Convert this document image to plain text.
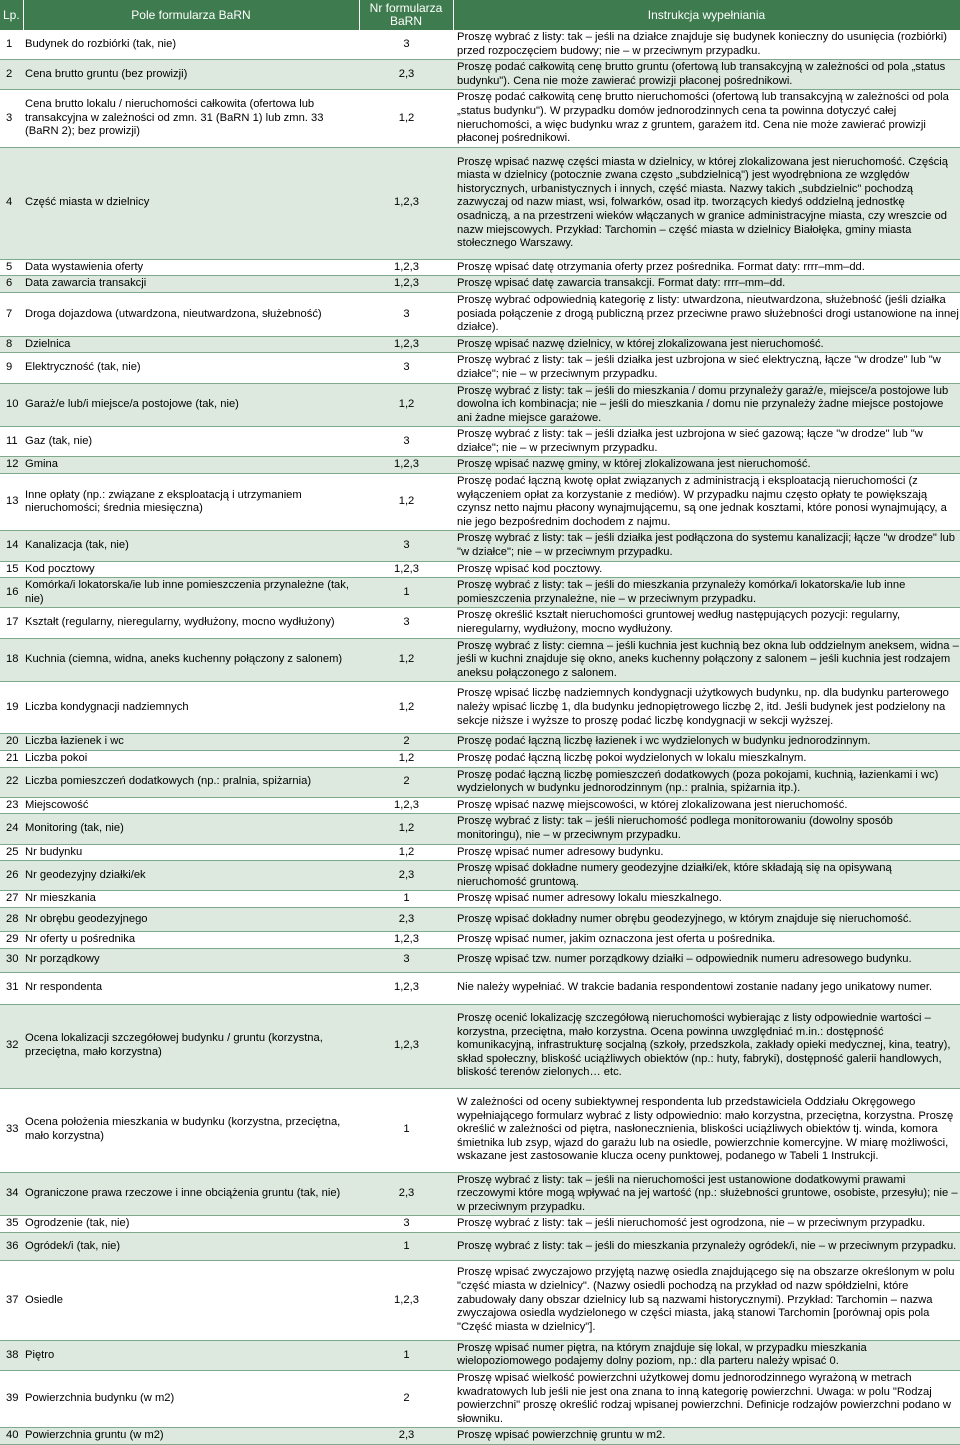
Lp.	Pole formularza BaRN	Nr formularza BaRN	Instrukcja wypełniania
1	Budynek do rozbiórki (tak, nie)	3	Proszę wybrać z listy: tak – jeśli na działce znajduje się budynek konieczny do usunięcia (rozbiórki) przed rozpoczęciem budowy; nie – w przeciwnym przypadku.
2	Cena brutto gruntu (bez prowizji)	2,3	Proszę podać całkowitą cenę brutto gruntu (ofertową lub transakcyjną w zależności od pola „status budynku"). Cena nie może zawierać prowizji płaconej pośrednikowi.
3	Cena brutto lokalu / nieruchomości całkowita (ofertowa lub transakcyjna w zależności od zmn. 31 (BaRN 1) lub zmn. 33 (BaRN 2); bez prowizji)	1,2	Proszę podać całkowitą cenę brutto nieruchomości (ofertową lub transakcyjną w zależności od pola „status budynku"). W przypadku domów jednorodzinnych cena ta powinna dotyczyć całej nieruchomości, a więc budynku wraz z gruntem, garażem itd. Cena nie może zawierać prowizji płaconej pośrednikowi.
4	Część miasta w dzielnicy	1,2,3	Proszę wpisać nazwę części miasta w dzielnicy, w której zlokalizowana jest nieruchomość. Częścią miasta w dzielnicy (potocznie zwana często „subdzielnicą") jest wyodrębniona ze względów historycznych, urbanistycznych i innych, część miasta. Nazwy takich „subdzielnic" pochodzą zazwyczaj od nazw miast, wsi, folwarków, osad itp. tworzących kiedyś oddzielną jednostkę osadniczą, a na przestrzeni wieków włączanych w granice administracyjne miasta, czy wreszcie od nazw miejscowych. Przykład: Tarchomin – część miasta w dzielnicy Białołęka, gminy miasta stołecznego Warszawy.
5	Data wystawienia oferty	1,2,3	Proszę wpisać datę otrzymania oferty przez pośrednika. Format daty: rrrr–mm–dd.
6	Data zawarcia transakcji	1,2,3	Proszę wpisać datę zawarcia transakcji. Format daty: rrrr–mm–dd.
7	Droga dojazdowa (utwardzona, nieutwardzona, służebność)	3	Proszę wybrać odpowiednią kategorię z listy: utwardzona, nieutwardzona, służebność (jeśli działka posiada połączenie z drogą publiczną przez przeciwne prawo służebności drogi ustanowione na innej działce).
8	Dzielnica	1,2,3	Proszę wpisać nazwę dzielnicy, w której zlokalizowana jest nieruchomość.
9	Elektryczność (tak, nie)	3	Proszę wybrać z listy: tak – jeśli działka jest uzbrojona w sieć elektryczną, łącze "w drodze" lub "w działce"; nie – w przeciwnym przypadku.
10	Garaż/e lub/i miejsce/a postojowe (tak, nie)	1,2	Proszę wybrać z listy: tak – jeśli do mieszkania / domu przynależy garaż/e, miejsce/a postojowe lub dowolna ich kombinacja; nie – jeśli do mieszkania / domu nie przynależy żadne miejsce postojowe ani żadne miejsce garażowe.
11	Gaz (tak, nie)	3	Proszę wybrać z listy: tak – jeśli działka jest uzbrojona w sieć gazową; łącze "w drodze" lub "w działce"; nie – w przeciwnym przypadku.
12	Gmina	1,2,3	Proszę wpisać nazwę gminy, w której zlokalizowana jest nieruchomość.
13	Inne opłaty (np.: związane z eksploatacją i utrzymaniem nieruchomości; średnia miesięczna)	1,2	Proszę podać łączną kwotę opłat związanych z administracją i eksploatacją nieruchomości (z wyłączeniem opłat za korzystanie z mediów). W przypadku najmu często opłaty te powiększają czynsz netto najmu płacony wynajmującemu, są one jednak kosztami, które ponosi wynajmujący, a nie jego bezpośrednim dochodem z najmu.
14	Kanalizacja (tak, nie)	3	Proszę wybrać z listy: tak – jeśli działka jest podłączona do systemu kanalizacji; łącze "w drodze" lub "w działce"; nie – w przeciwnym przypadku.
15	Kod pocztowy	1,2,3	Proszę wpisać kod pocztowy.
16	Komórka/i lokatorska/ie lub inne pomieszczenia przynależne (tak, nie)	1	Proszę wybrać z listy: tak – jeśli do mieszkania przynależy komórka/i lokatorska/ie lub inne pomieszczenia przynależne, nie – w przeciwnym przypadku.
17	Kształt (regularny, nieregularny, wydłużony, mocno wydłużony)	3	Proszę określić kształt nieruchomości gruntowej według następujących pozycji: regularny, nieregularny, wydłużony, mocno wydłużony.
18	Kuchnia (ciemna, widna, aneks kuchenny połączony z salonem)	1,2	Proszę wybrać z listy: ciemna – jeśli kuchnia jest kuchnią bez okna lub oddzielnym aneksem, widna – jeśli w kuchni znajduje się okno, aneks kuchenny połączony z salonem – jeśli kuchnia jest rodzajem aneksu połączonego z salonem.
19	Liczba kondygnacji nadziemnych	1,2	Proszę wpisać liczbę nadziemnych kondygnacji użytkowych budynku, np. dla budynku parterowego należy wpisać liczbę 1, dla budynku jednopiętrowego liczbę 2, itd. Jeśli budynek jest podzielony na sekcje niższe i wyższe to proszę podać liczbę kondygnacji w sekcji wyższej.
20	Liczba łazienek i wc	2	Proszę podać łączną liczbę łazienek i wc wydzielonych w budynku jednorodzinnym.
21	Liczba pokoi	1,2	Proszę podać łączną liczbę pokoi wydzielonych w lokalu mieszkalnym.
22	Liczba pomieszczeń dodatkowych (np.: pralnia, spiżarnia)	2	Proszę podać łączną liczbę pomieszczeń dodatkowych (poza pokojami, kuchnią, łazienkami i wc) wydzielonych w budynku jednorodzinnym (np.: pralnia, spiżarnia itp.).
23	Miejscowość	1,2,3	Proszę wpisać nazwę miejscowości, w której zlokalizowana jest nieruchomość.
24	Monitoring (tak, nie)	1,2	Proszę wybrać z listy: tak – jeśli nieruchomość podlega monitorowaniu (dowolny sposób monitoringu), nie – w przeciwnym przypadku.
25	Nr budynku	1,2	Proszę wpisać numer adresowy budynku.
26	Nr geodezyjny działki/ek	2,3	Proszę wpisać dokładne numery geodezyjne działki/ek, które składają się na opisywaną nieruchomość gruntową.
27	Nr mieszkania	1	Proszę wpisać numer adresowy lokalu mieszkalnego.
28	Nr obrębu geodezyjnego	2,3	Proszę wpisać dokładny numer obrębu geodezyjnego, w którym znajduje się nieruchomość.
29	Nr oferty u pośrednika	1,2,3	Proszę wpisać numer, jakim oznaczona jest oferta u pośrednika.
30	Nr porządkowy	3	Proszę wpisać tzw. numer porządkowy działki – odpowiednik numeru adresowego budynku.
31	Nr respondenta	1,2,3	Nie należy wypełniać. W trakcie badania respondentowi zostanie nadany jego unikatowy numer.
32	Ocena lokalizacji szczegółowej budynku / gruntu (korzystna, przeciętna, mało korzystna)	1,2,3	Proszę ocenić lokalizację szczegółową nieruchomości wybierając z listy odpowiednie wartości – korzystna, przeciętna, mało korzystna. Ocena powinna uwzględniać m.in.: dostępność komunikacyjną, infrastrukturę socjalną (szkoły, przedszkola, zakłady opieki medycznej, kina, teatry), skład społeczny, bliskość uciążliwych obiektów (np.: huty, fabryki), dostępność galerii handlowych, bliskość terenów zielonych… etc.
33	Ocena położenia mieszkania w budynku (korzystna, przeciętna, mało korzystna)	1	W zależności od oceny subiektywnej respondenta lub przedstawiciela Oddziału Okręgowego wypełniającego formularz wybrać z listy odpowiednio: mało korzystna, przeciętna, korzystna. Proszę określić w zależności od piętra, nasłonecznienia, bliskości uciążliwych obiektów tj. winda, komora śmietnika lub zsyp, wjazd do garażu lub na osiedle, powierzchnie komercyjne. W miarę możliwości, wskazane jest zastosowanie klucza oceny punktowej, podanego w Tabeli 1 Instrukcji.
34	Ograniczone prawa rzeczowe i inne obciążenia gruntu (tak, nie)	2,3	Proszę wybrać z listy: tak – jeśli na nieruchomości jest ustanowione dodatkowymi prawami rzeczowymi które mogą wpływać na jej wartość (np.: służebności gruntowe, osobiste, przesyłu); nie – w przeciwnym przypadku.
35	Ogrodzenie (tak, nie)	3	Proszę wybrać z listy: tak – jeśli nieruchomość jest ogrodzona, nie – w przeciwnym przypadku.
36	Ogródek/i (tak, nie)	1	Proszę wybrać z listy: tak – jeśli do mieszkania przynależy ogródek/i, nie – w przeciwnym przypadku.
37	Osiedle	1,2,3	Proszę wpisać zwyczajowo przyjętą nazwę osiedla znajdującego się na obszarze określonym w polu "część miasta w dzielnicy". (Nazwy osiedli pochodzą na przykład od nazw spółdzielni, które zabudowały dany obszar dzielnicy lub są nazwami historycznymi). Przykład: Tarchomin – nazwa zwyczajowa osiedla wydzielonego w części miasta, jaką stanowi Tarchomin [porównaj opis pola "Część miasta w dzielnicy"].
38	Piętro	1	Proszę wpisać numer piętra, na którym znajduje się lokal, w przypadku mieszkania wielopoziomowego podajemy dolny poziom, np.: dla parteru należy wpisać 0.
39	Powierzchnia budynku (w m2)	2	Proszę wpisać wielkość powierzchni użytkowej domu jednorodzinnego wyrażoną w metrach kwadratowych lub jeśli nie jest ona znana to inną kategorię powierzchni. Uwaga: w polu "Rodzaj powierzchni" proszę określić rodzaj wpisanej powierzchni. Definicje rodzajów powierzchni podano w słowniku.
40	Powierzchnia gruntu (w m2)	2,3	Proszę wpisać powierzchnię gruntu w m2.
